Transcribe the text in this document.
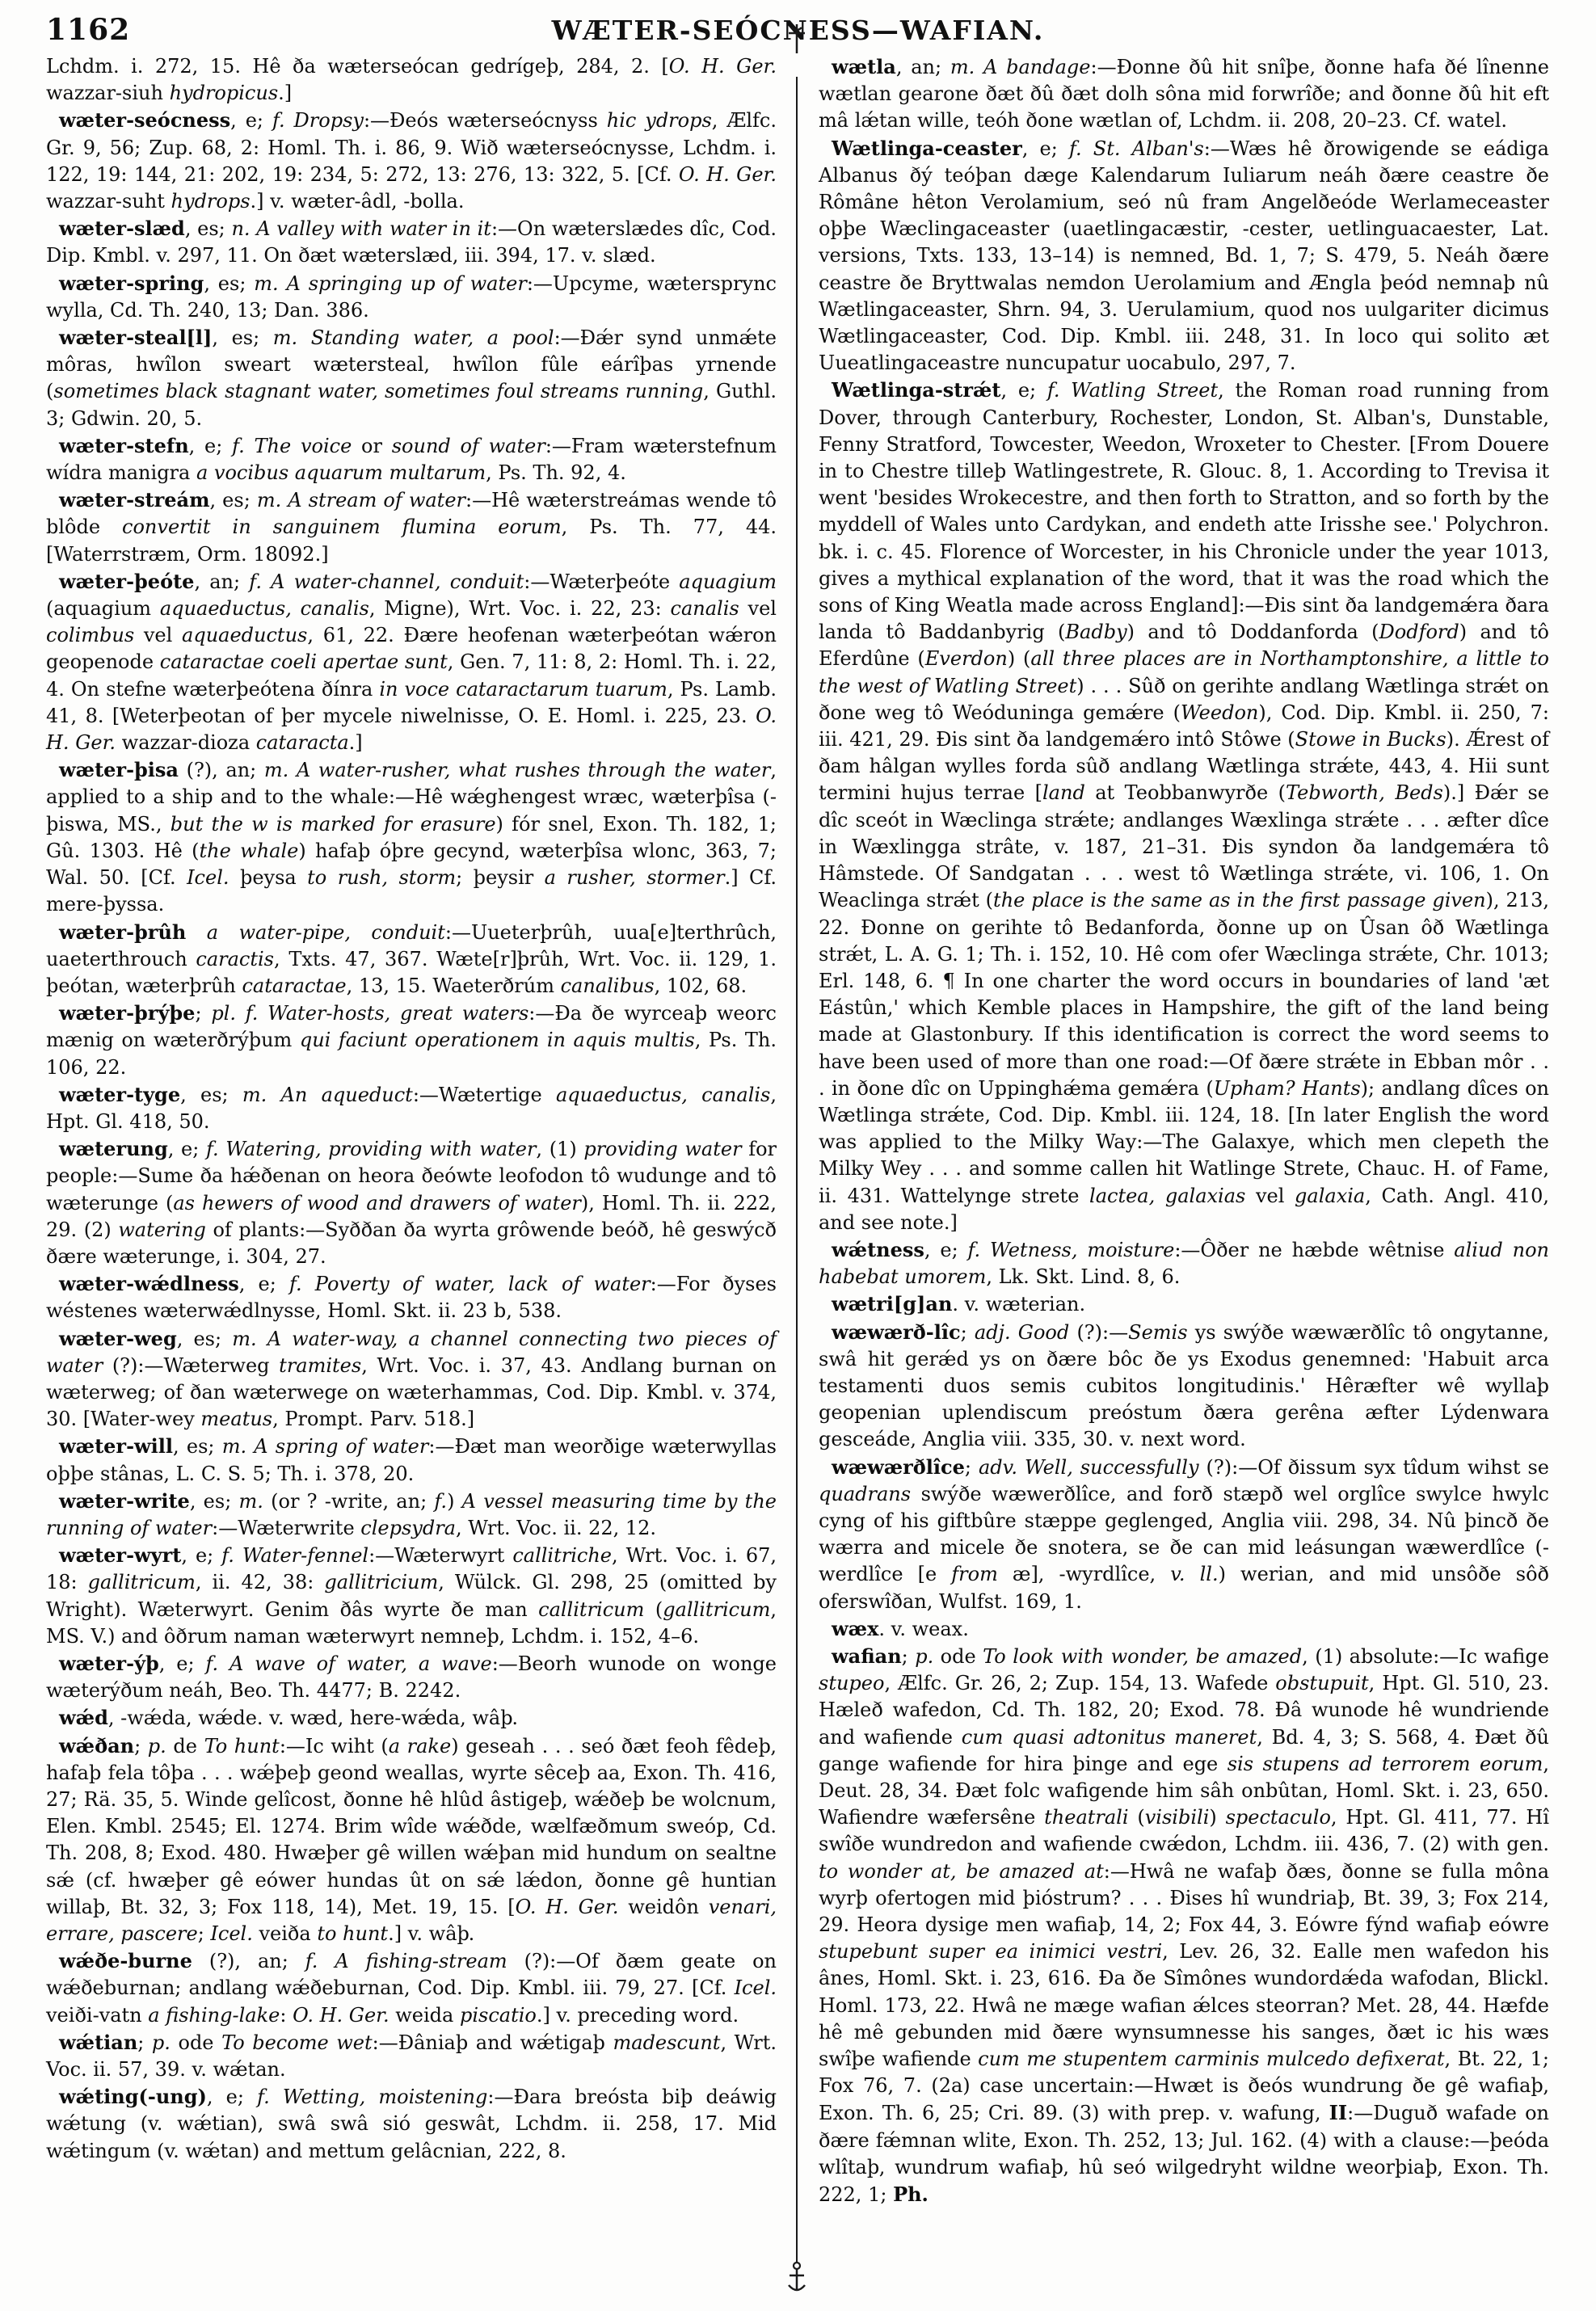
1162	WÆTER-SEÓCNESS—WAFIAN.

Lchdm. i. 272, 15. Hê ða wæterseócan gedrígeþ, 284, 2. [O. H. Ger. wazzar-siuh hydropicus.]

wæter-seócness, e; f. Dropsy:—Ðeós wæterseócnyss hic ydrops, Ælfc. Gr. 9, 56; Zup. 68, 2: Homl. Th. i. 86, 9. Wið wæterseócnysse, Lchdm. i. 122, 19: 144, 21: 202, 19: 234, 5: 272, 13: 276, 13: 322, 5. [Cf. O. H. Ger. wazzar-suht hydrops.] v. wæter-âdl, -bolla.

wæter-slæd, es; n. A valley with water in it:—On wæterslædes dîc, Cod. Dip. Kmbl. v. 297, 11. On ðæt wæterslæd, iii. 394, 17. v. slæd.

wæter-spring, es; m. A springing up of water:—Upcyme, wætersprync wylla, Cd. Th. 240, 13; Dan. 386.

wæter-steal[l], es; m. Standing water, a pool:—Ðǽr synd unmǽte môras, hwîlon sweart wætersteal, hwîlon fûle eárîþas yrnende (sometimes black stagnant water, sometimes foul streams running, Guthl. 3; Gdwin. 20, 5.

wæter-stefn, e; f. The voice or sound of water:—Fram wæterstefnum wídra manigra a vocibus aquarum multarum, Ps. Th. 92, 4.

wæter-streám, es; m. A stream of water:—Hê wæterstreámas wende tô blôde convertit in sanguinem flumina eorum, Ps. Th. 77, 44. [Waterrstræm, Orm. 18092.]

wæter-þeóte, an; f. A water-channel, conduit:—Wæterþeóte aquagium (aquagium aquaeductus, canalis, Migne), Wrt. Voc. i. 22, 23: canalis vel colimbus vel aquaeductus, 61, 22. Ðære heofenan wæterþeótan wǽron geopenode cataractae coeli apertae sunt, Gen. 7, 11: 8, 2: Homl. Th. i. 22, 4. On stefne wæterþeótena ðínra in voce cataractarum tuarum, Ps. Lamb. 41, 8. [Weterþeotan of þer mycele niwelnisse, O. E. Homl. i. 225, 23. O. H. Ger. wazzar-dioza cataracta.]

wæter-þisa (?), an; m. A water-rusher, what rushes through the water, applied to a ship and to the whale:—Hê wǽghengest wræc, wæterþîsa (-þiswa, MS., but the w is marked for erasure) fór snel, Exon. Th. 182, 1; Gû. 1303. Hê (the whale) hafaþ óþre gecynd, wæterþîsa wlonc, 363, 7; Wal. 50. [Cf. Icel. þeysa to rush, storm; þeysir a rusher, stormer.] Cf. mere-þyssa.

wæter-þrûh a water-pipe, conduit:—Uueterþrûh, uua[e]terthrûch, uaeterthrouch caractis, Txts. 47, 367. Wæte[r]þrûh, Wrt. Voc. ii. 129, 1. þeótan, wæterþrûh cataractae, 13, 15. Waeterðrúm canalibus, 102, 68.

wæter-þrýþe; pl. f. Water-hosts, great waters:—Ða ðe wyrceaþ weorc mænig on wæterðrýþum qui faciunt operationem in aquis multis, Ps. Th. 106, 22.

wæter-tyge, es; m. An aqueduct:—Wætertige aquaeductus, canalis, Hpt. Gl. 418, 50.

wæterung, e; f. Watering, providing with water, (1) providing water for people:—Sume ða hǽðenan on heora ðeówte leofodon tô wudunge and tô wæterunge (as hewers of wood and drawers of water), Homl. Th. ii. 222, 29. (2) watering of plants:—Syððan ða wyrta grôwende beóð, hê geswýcð ðære wæterunge, i. 304, 27.

wæter-wǽdlness, e; f. Poverty of water, lack of water:—For ðyses wéstenes wæterwǽdlnysse, Homl. Skt. ii. 23 b, 538.

wæter-weg, es; m. A water-way, a channel connecting two pieces of water (?):—Wæterweg tramites, Wrt. Voc. i. 37, 43. Andlang burnan on wæterweg; of ðan wæterwege on wæterhammas, Cod. Dip. Kmbl. v. 374, 30. [Water-wey meatus, Prompt. Parv. 518.]

wæter-will, es; m. A spring of water:—Ðæt man weorðige wæterwyllas oþþe stânas, L. C. S. 5; Th. i. 378, 20.

wæter-write, es; m. (or ? -write, an; f.) A vessel measuring time by the running of water:—Wæterwrite clepsydra, Wrt. Voc. ii. 22, 12.

wæter-wyrt, e; f. Water-fennel:—Wæterwyrt callitriche, Wrt. Voc. i. 67, 18: gallitricum, ii. 42, 38: gallitricium, Wülck. Gl. 298, 25 (omitted by Wright). Wæterwyrt. Genim ðâs wyrte ðe man callitricum (gallitricum, MS. V.) and ôðrum naman wæterwyrt nemneþ, Lchdm. i. 152, 4–6.

wæter-ýþ, e; f. A wave of water, a wave:—Beorh wunode on wonge wæterýðum neáh, Beo. Th. 4477; B. 2242.

wǽd, -wǽda, wǽde. v. wæd, here-wǽda, wâþ.

wǽðan; p. de To hunt:—Ic wiht (a rake) geseah . . . seó ðæt feoh fêdeþ, hafaþ fela tôþa . . . wǽþeþ geond weallas, wyrte sêceþ aa, Exon. Th. 416, 27; Rä. 35, 5. Winde gelîcost, ðonne hê hlûd âstigeþ, wǽðeþ be wolcnum, Elen. Kmbl. 2545; El. 1274. Brim wîde wǽðde, wælfæðmum sweóp, Cd. Th. 208, 8; Exod. 480. Hwæþer gê willen wǽþan mid hundum on sealtne sǽ (cf. hwæþer gê eówer hundas ût on sǽ lǽdon, ðonne gê huntian willaþ, Bt. 32, 3; Fox 118, 14), Met. 19, 15. [O. H. Ger. weidôn venari, errare, pascere; Icel. veiða to hunt.] v. wâþ.

wǽðe-burne (?), an; f. A fishing-stream (?):—Of ðæm geate on wǽðeburnan; andlang wǽðeburnan, Cod. Dip. Kmbl. iii. 79, 27. [Cf. Icel. veiði-vatn a fishing-lake: O. H. Ger. weida piscatio.] v. preceding word.

wǽtian; p. ode To become wet:—Ðâniaþ and wǽtigaþ madescunt, Wrt. Voc. ii. 57, 39. v. wǽtan.

wǽting(-ung), e; f. Wetting, moistening:—Ðara breósta biþ deáwig wǽtung (v. wǽtian), swâ swâ sió geswât, Lchdm. ii. 258, 17. Mid wǽtingum (v. wǽtan) and mettum gelâcnian, 222, 8.

wætla, an; m. A bandage:—Ðonne ðû hit snîþe, ðonne hafa ðé lînenne wætlan gearone ðæt ðû ðæt dolh sôna mid forwrîðe; and ðonne ðû hit eft mâ lǽtan wille, teóh ðone wætlan of, Lchdm. ii. 208, 20–23. Cf. watel.

Wætlinga-ceaster, e; f. St. Alban's:—Wæs hê ðrowigende se eádiga Albanus ðý teóþan dæge Kalendarum Iuliarum neáh ðære ceastre ðe Rômâne hêton Verolamium, seó nû fram Angelðeóde Werlameceaster oþþe Wæclingaceaster (uaetlingacæstir, -cester, uetlinguacaester, Lat. versions, Txts. 133, 13–14) is nemned, Bd. 1, 7; S. 479, 5. Neáh ðære ceastre ðe Bryttwalas nemdon Uerolamium and Ængla þeód nemnaþ nû Wætlingaceaster, Shrn. 94, 3. Uerulamium, quod nos uulgariter dicimus Wætlingaceaster, Cod. Dip. Kmbl. iii. 248, 31. In loco qui solito æt Uueatlingaceastre nuncupatur uocabulo, 297, 7.

Wætlinga-strǽt, e; f. Watling Street, the Roman road running from Dover, through Canterbury, Rochester, London, St. Alban's, Dunstable, Fenny Stratford, Towcester, Weedon, Wroxeter to Chester. [From Douere in to Chestre tilleþ Watlingestrete, R. Glouc. 8, 1. According to Trevisa it went 'besides Wrokecestre, and then forth to Stratton, and so forth by the myddell of Wales unto Cardykan, and endeth atte Irisshe see.' Polychron. bk. i. c. 45. Florence of Worcester, in his Chronicle under the year 1013, gives a mythical explanation of the word, that it was the road which the sons of King Weatla made across England]:—Ðis sint ða landgemǽra ðara landa tô Baddanbyrig (Badby) and tô Doddanforda (Dodford) and tô Eferdûne (Everdon) (all three places are in Northamptonshire, a little to the west of Watling Street) . . . Sûð on gerihte andlang Wætlinga strǽt on ðone weg tô Weóduninga gemǽre (Weedon), Cod. Dip. Kmbl. ii. 250, 7: iii. 421, 29. Ðis sint ða landgemǽro intô Stôwe (Stowe in Bucks). Ǽrest of ðam hâlgan wylles forda sûð andlang Wætlinga strǽte, 443, 4. Hii sunt termini hujus terrae [land at Teobbanwyrðe (Tebworth, Beds).] Ðǽr se dîc sceót in Wæclinga strǽte; andlanges Wæxlinga strǽte . . . æfter dîce in Wæxlingga strâte, v. 187, 21–31. Ðis syndon ða landgemǽra tô Hâmstede. Of Sandgatan . . . west tô Wætlinga strǽte, vi. 106, 1. On Weaclinga strǽt (the place is the same as in the first passage given), 213, 22. Ðonne on gerihte tô Bedanforda, ðonne up on Ûsan ôð Wætlinga strǽt, L. A. G. 1; Th. i. 152, 10. Hê com ofer Wæclinga strǽte, Chr. 1013; Erl. 148, 6. ¶ In one charter the word occurs in boundaries of land 'æt Eástûn,' which Kemble places in Hampshire, the gift of the land being made at Glastonbury. If this identification is correct the word seems to have been used of more than one road:—Of ðære strǽte in Ebban môr . . . in ðone dîc on Uppinghǽma gemǽra (Upham? Hants); andlang dîces on Wætlinga strǽte, Cod. Dip. Kmbl. iii. 124, 18. [In later English the word was applied to the Milky Way:—The Galaxye, which men clepeth the Milky Wey . . . and somme callen hit Watlinge Strete, Chauc. H. of Fame, ii. 431. Wattelynge strete lactea, galaxias vel galaxia, Cath. Angl. 410, and see note.]

wǽtness, e; f. Wetness, moisture:—Ôðer ne hæbde wêtnise aliud non habebat umorem, Lk. Skt. Lind. 8, 6.

wætri[g]an. v. wæterian.

wæwærð-lîc; adj. Good (?):—Semis ys swýðe wæwærðlîc tô ongytanne, swâ hit gerǽd ys on ðære bôc ðe ys Exodus genemned: 'Habuit arca testamenti duos semis cubitos longitudinis.' Hêræfter wê wyllaþ geopenian uplendiscum preóstum ðæra gerêna æfter Lýdenwara gesceáde, Anglia viii. 335, 30. v. next word.

wæwærðlîce; adv. Well, successfully (?):—Of ðissum syx tîdum wihst se quadrans swýðe wæwerðlîce, and forð stæpð wel orglîce swylce hwylc cyng of his giftbûre stæppe geglenged, Anglia viii. 298, 34. Nû þincð ðe wærra and micele ðe snotera, se ðe can mid leásungan wæwerdlîce (-werdlîce [e from æ], -wyrdlîce, v. ll.) werian, and mid unsôðe sôð oferswîðan, Wulfst. 169, 1.

wæx. v. weax.

wafian; p. ode To look with wonder, be amazed, (1) absolute:—Ic wafige stupeo, Ælfc. Gr. 26, 2; Zup. 154, 13. Wafede obstupuit, Hpt. Gl. 510, 23. Hæleð wafedon, Cd. Th. 182, 20; Exod. 78. Ðâ wunode hê wundriende and wafiende cum quasi adtonitus maneret, Bd. 4, 3; S. 568, 4. Ðæt ðû gange wafiende for hira þinge and ege sis stupens ad terrorem eorum, Deut. 28, 34. Ðæt folc wafigende him sâh onbûtan, Homl. Skt. i. 23, 650. Wafiendre wæfersêne theatrali (visibili) spectaculo, Hpt. Gl. 411, 77. Hî swîðe wundredon and wafiende cwǽdon, Lchdm. iii. 436, 7. (2) with gen. to wonder at, be amazed at:—Hwâ ne wafaþ ðæs, ðonne se fulla môna wyrþ ofertogen mid þióstrum? . . . Ðises hî wundriaþ, Bt. 39, 3; Fox 214, 29. Heora dysige men wafiaþ, 14, 2; Fox 44, 3. Eówre fýnd wafiaþ eówre stupebunt super ea inimici vestri, Lev. 26, 32. Ealle men wafedon his ânes, Homl. Skt. i. 23, 616. Ða ðe Sîmônes wundordǽda wafodan, Blickl. Homl. 173, 22. Hwâ ne mæge wafian ǽlces steorran? Met. 28, 44. Hæfde hê mê gebunden mid ðære wynsumnesse his sanges, ðæt ic his wæs swîþe wafiende cum me stupentem carminis mulcedo defixerat, Bt. 22, 1; Fox 76, 7. (2a) case uncertain:—Hwæt is ðeós wundrung ðe gê wafiaþ, Exon. Th. 6, 25; Cri. 89. (3) with prep. v. wafung, II:—Duguð wafade on ðære fǽmnan wlite, Exon. Th. 252, 13; Jul. 162. (4) with a clause:—þeóda wlîtaþ, wundrum wafiaþ, hû seó wilgedryht wildne weorþiaþ, Exon. Th. 222, 1; Ph.
